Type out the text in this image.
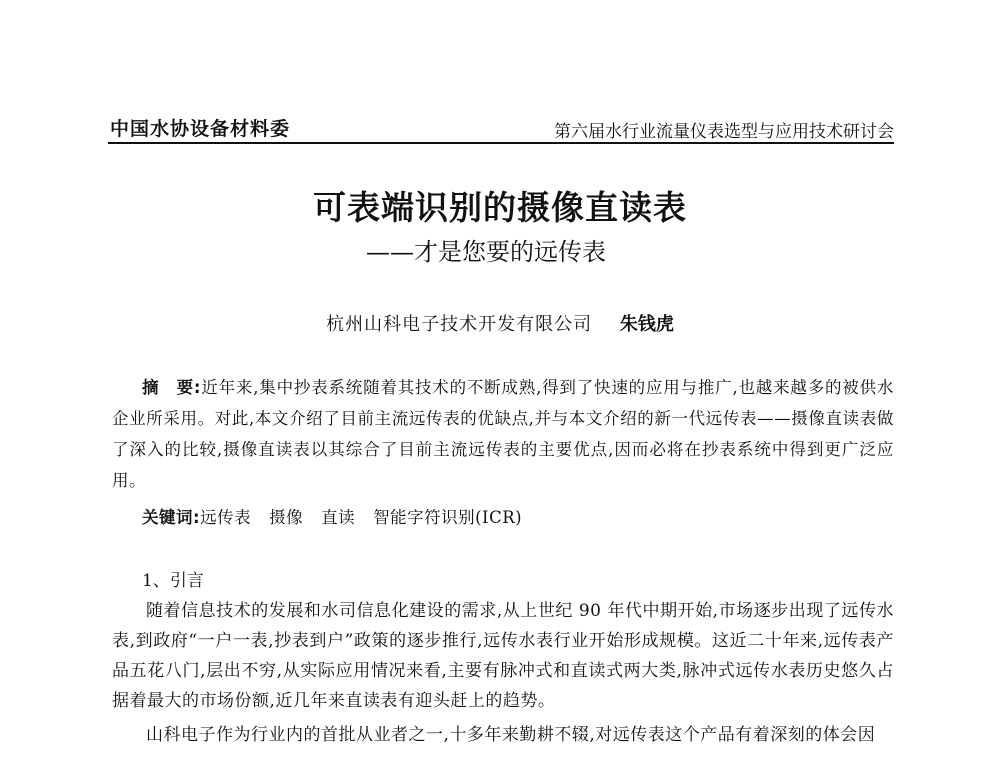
中国水协设备材料委	第六届水行业流量仪表选型与应用技术研讨会
可表端识别的摄像直读表
——才是您要的远传表
杭州山科电子技术开发有限公司 朱钱虎
摘　要:近年来,集中抄表系统随着其技术的不断成熟,得到了快速的应用与推广,也越来越多的被供水企业所采用。对此,本文介绍了目前主流远传表的优缺点,并与本文介绍的新一代远传表——摄像直读表做了深入的比较,摄像直读表以其综合了目前主流远传表的主要优点,因而必将在抄表系统中得到更广泛应用。
关键词:远传表 摄像 直读 智能字符识别(ICR)
1、引言

随着信息技术的发展和水司信息化建设的需求,从上世纪 90 年代中期开始,市场逐步出现了远传水表,到政府“一户一表,抄表到户”政策的逐步推行,远传水表行业开始形成规模。这近二十年来,远传表产品五花八门,层出不穷,从实际应用情况来看,主要有脉冲式和直读式两大类,脉冲式远传水表历史悠久占据着最大的市场份额,近几年来直读表有迎头赶上的趋势。

山科电子作为行业内的首批从业者之一,十多年来勤耕不辍,对远传表这个产品有着深刻的体会因
